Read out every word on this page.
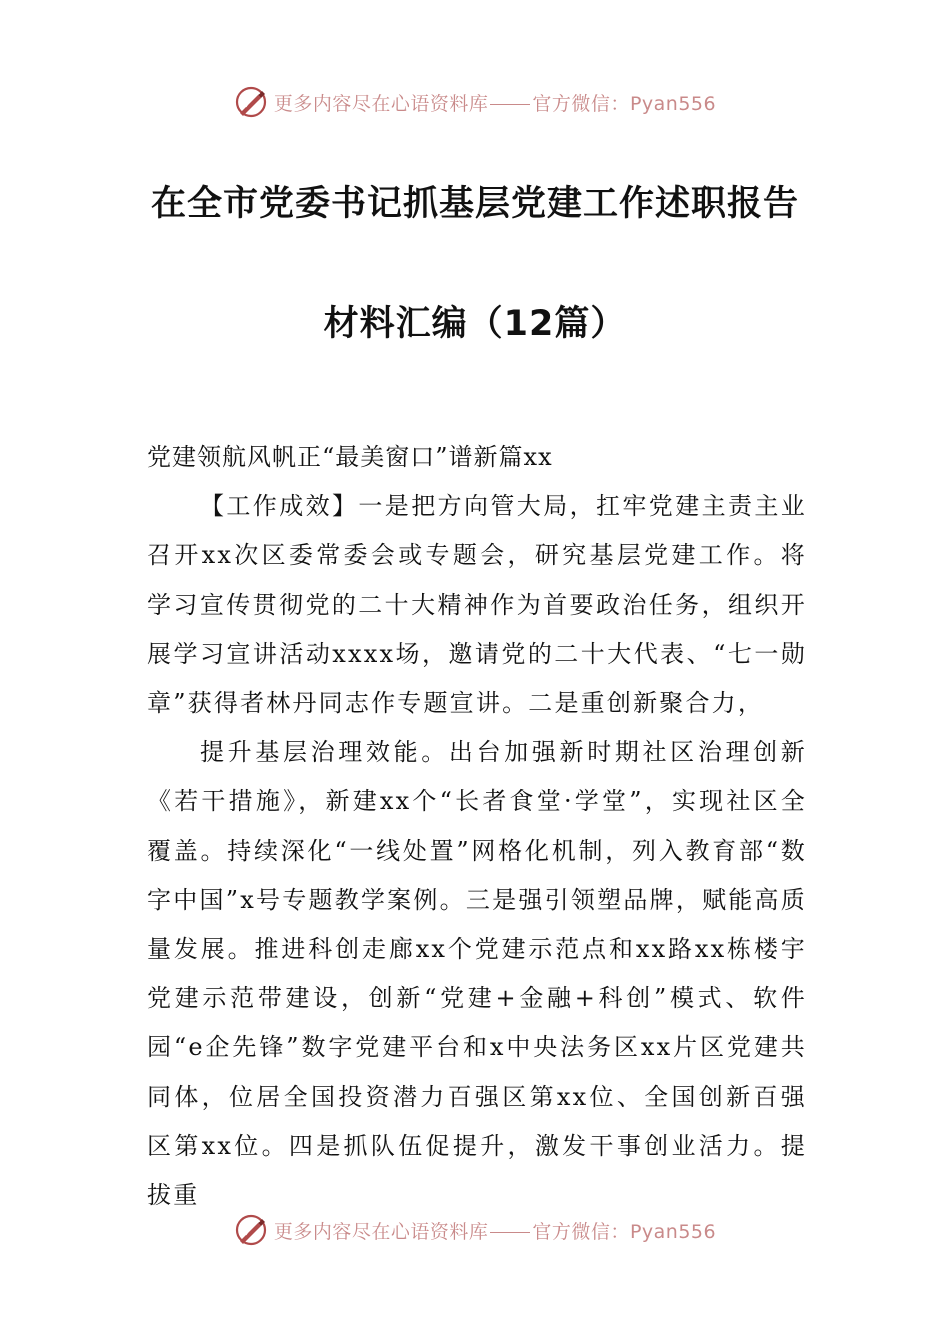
更多内容尽在心语资料库 官方微信：Pyan556
在全市党委书记抓基层党建工作述职报告
材料汇编（12篇）

党建领航风帆正“最美窗口”谱新篇xx

【工作成效】一是把方向管大局，扛牢党建主责主业召开xx次区委常委会或专题会，研究基层党建工作。将学习宣传贯彻党的二十大精神作为首要政治任务，组织开展学习宣讲活动xxxx场，邀请党的二十大代表、“七一勋章”获得者林丹同志作专题宣讲。二是重创新聚合力，

提升基层治理效能。出台加强新时期社区治理创新《若干措施》，新建xx个“长者食堂·学堂”，实现社区全覆盖。持续深化“一线处置”网格化机制，列入教育部“数字中国”x号专题教学案例。三是强引领塑品牌，赋能高质量发展。推进科创走廊xx个党建示范点和xx路xx栋楼宇党建示范带建设，创新“党建+金融+科创”模式、软件园“e企先锋”数字党建平台和x中央法务区xx片区党建共同体，位居全国投资潜力百强区第xx位、全国创新百强区第xx位。四是抓队伍促提升，激发干事创业活力。提拔重

更多内容尽在心语资料库 官方微信：Pyan556
